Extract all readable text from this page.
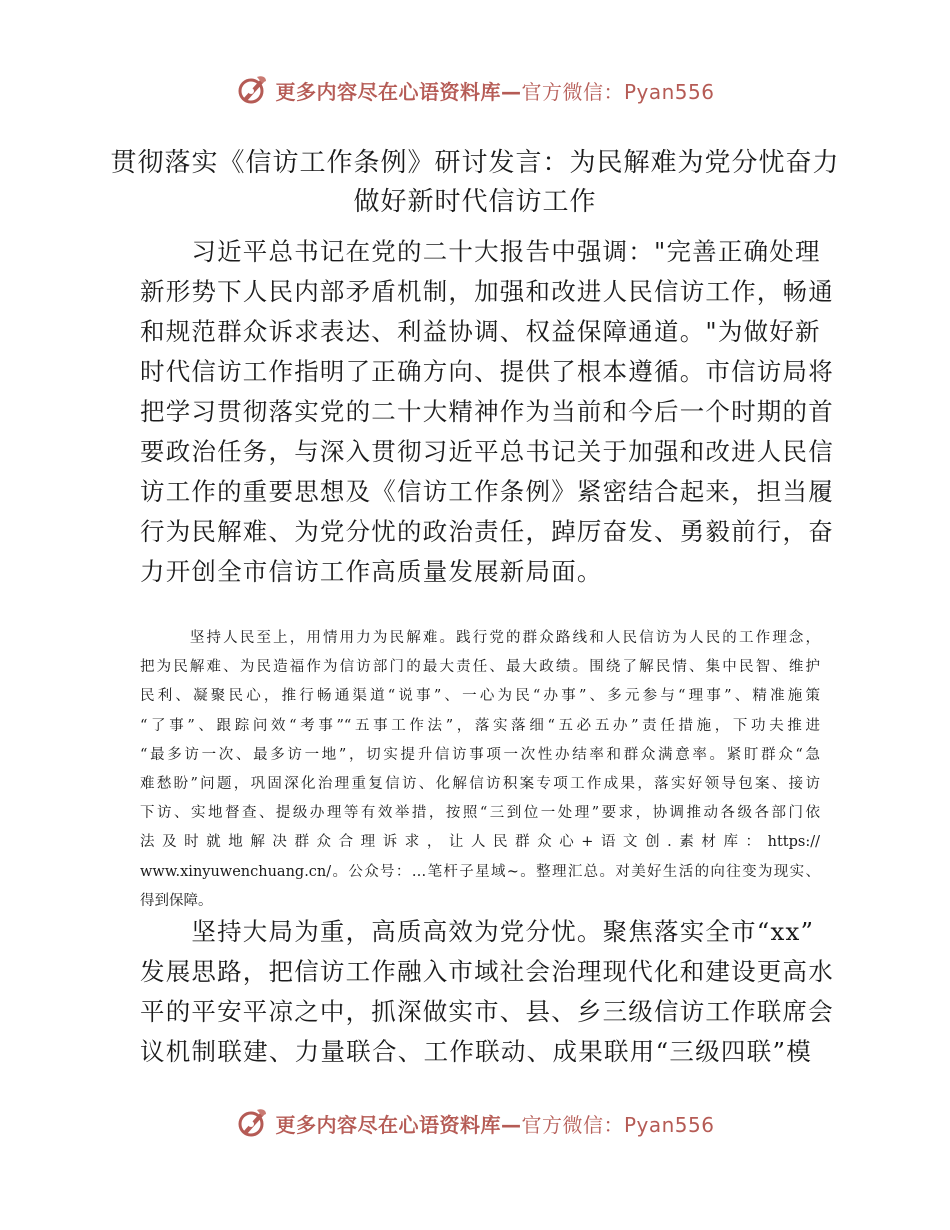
更多内容尽在心语资料库—官方微信：Pyan556
贯彻落实《信访工作条例》研讨发言：为民解难为党分忧奋力
做好新时代信访工作
　　习近平总书记在党的二十大报告中强调："完善正确处理
新形势下人民内部矛盾机制，加强和改进人民信访工作，畅通
和规范群众诉求表达、利益协调、权益保障通道。"为做好新
时代信访工作指明了正确方向、提供了根本遵循。市信访局将
把学习贯彻落实党的二十大精神作为当前和今后一个时期的首
要政治任务，与深入贯彻习近平总书记关于加强和改进人民信
访工作的重要思想及《信访工作条例》紧密结合起来，担当履
行为民解难、为党分忧的政治责任，踔厉奋发、勇毅前行，奋
力开创全市信访工作高质量发展新局面。
　　　坚持人民至上，用情用力为民解难。践行党的群众路线和人民信访为人民的工作理念，
把为民解难、为民造福作为信访部门的最大责任、最大政绩。围绕了解民情、集中民智、维护
民利、凝聚民心，推行畅通渠道“说事”、一心为民“办事”、多元参与“理事”、精准施策
“了事”、跟踪问效“考事”“五事工作法”，落实落细“五必五办”责任措施，下功夫推进
“最多访一次、最多访一地”，切实提升信访事项一次性办结率和群众满意率。紧盯群众“急
难愁盼”问题，巩固深化治理重复信访、化解信访积案专项工作成果，落实好领导包案、接访
下访、实地督查、提级办理等有效举措，按照“三到位一处理”要求，协调推动各级各部门依
法及时就地解决群众合理诉求，让人民群众心+语文创.素材库：https://
www.xinyuwenchuang.cn/。公众号：…笔杆子星域~。整理汇总。对美好生活的向往变为现实、
得到保障。
　　坚持大局为重，高质高效为党分忧。聚焦落实全市“xx”
发展思路，把信访工作融入市域社会治理现代化和建设更高水
平的平安平凉之中，抓深做实市、县、乡三级信访工作联席会
议机制联建、力量联合、工作联动、成果联用“三级四联”模
更多内容尽在心语资料库—官方微信：Pyan556
